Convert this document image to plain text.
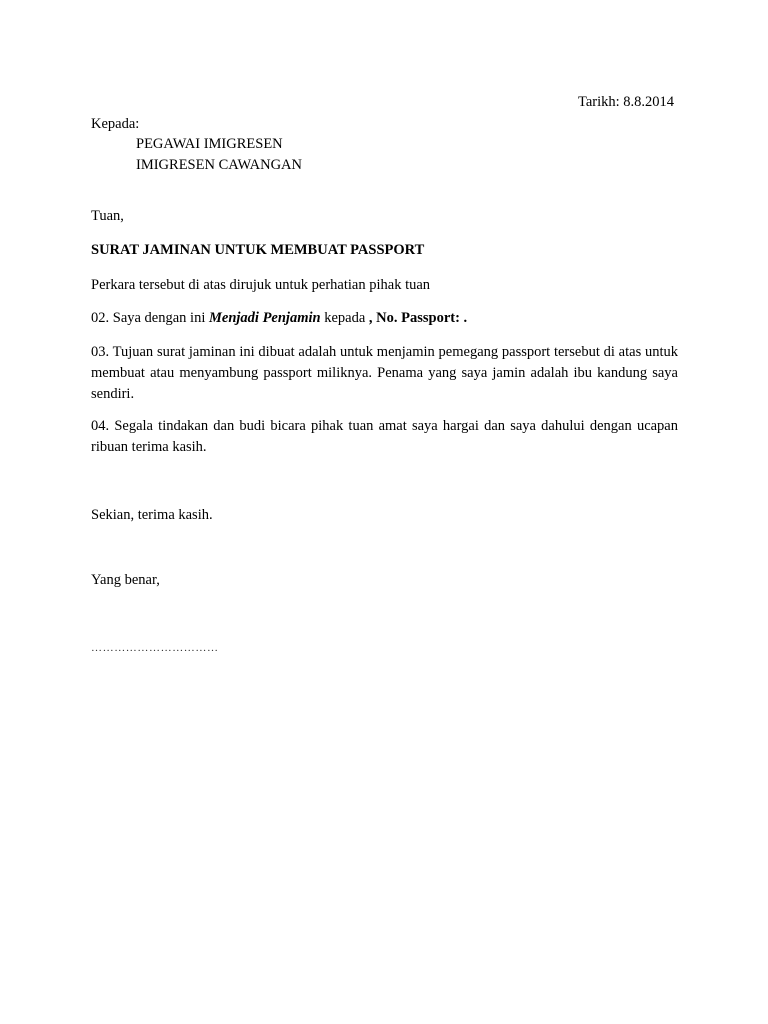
Tarikh: 8.8.2014
Kepada:
PEGAWAI IMIGRESEN
IMIGRESEN CAWANGAN
Tuan,
SURAT JAMINAN UNTUK MEMBUAT PASSPORT
Perkara tersebut di atas dirujuk untuk perhatian pihak tuan
02. Saya dengan ini Menjadi Penjamin kepada , No. Passport: .
03. Tujuan surat jaminan ini dibuat adalah untuk menjamin pemegang passport tersebut di atas untuk membuat atau menyambung passport miliknya. Penama yang saya jamin adalah ibu kandung saya sendiri.
04. Segala tindakan dan budi bicara pihak tuan amat saya hargai dan saya dahului dengan ucapan ribuan terima kasih.
Sekian, terima kasih.
Yang benar,
……………………………
